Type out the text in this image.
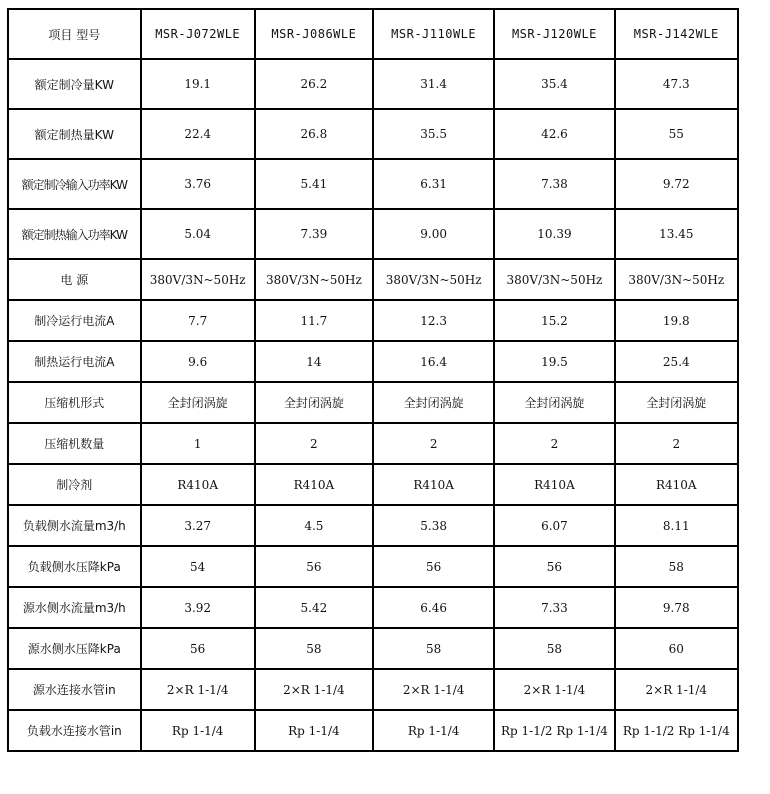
项目 型号	MSR-J072WLE	MSR-J086WLE	MSR-J110WLE	MSR-J120WLE	MSR-J142WLE
额定制冷量KW	19.1	26.2	31.4	35.4	47.3
额定制热量KW	22.4	26.8	35.5	42.6	55
额定制冷输入功率KW	3.76	5.41	6.31	7.38	9.72
额定制热输入功率KW	5.04	7.39	9.00	10.39	13.45
电 源	380V/3N~50Hz	380V/3N~50Hz	380V/3N~50Hz	380V/3N~50Hz	380V/3N~50Hz
制冷运行电流A	7.7	11.7	12.3	15.2	19.8
制热运行电流A	9.6	14	16.4	19.5	25.4
压缩机形式	全封闭涡旋	全封闭涡旋	全封闭涡旋	全封闭涡旋	全封闭涡旋
压缩机数量	1	2	2	2	2
制冷剂	R410A	R410A	R410A	R410A	R410A
负载侧水流量m3/h	3.27	4.5	5.38	6.07	8.11
负载侧水压降kPa	54	56	56	56	58
源水侧水流量m3/h	3.92	5.42	6.46	7.33	9.78
源水侧水压降kPa	56	58	58	58	60
源水连接水管in	2×R 1-1/4	2×R 1-1/4	2×R 1-1/4	2×R 1-1/4	2×R 1-1/4
负载水连接水管in	Rp 1-1/4	Rp 1-1/4	Rp 1-1/4	Rp 1-1/2 Rp 1-1/4	Rp 1-1/2 Rp 1-1/4
